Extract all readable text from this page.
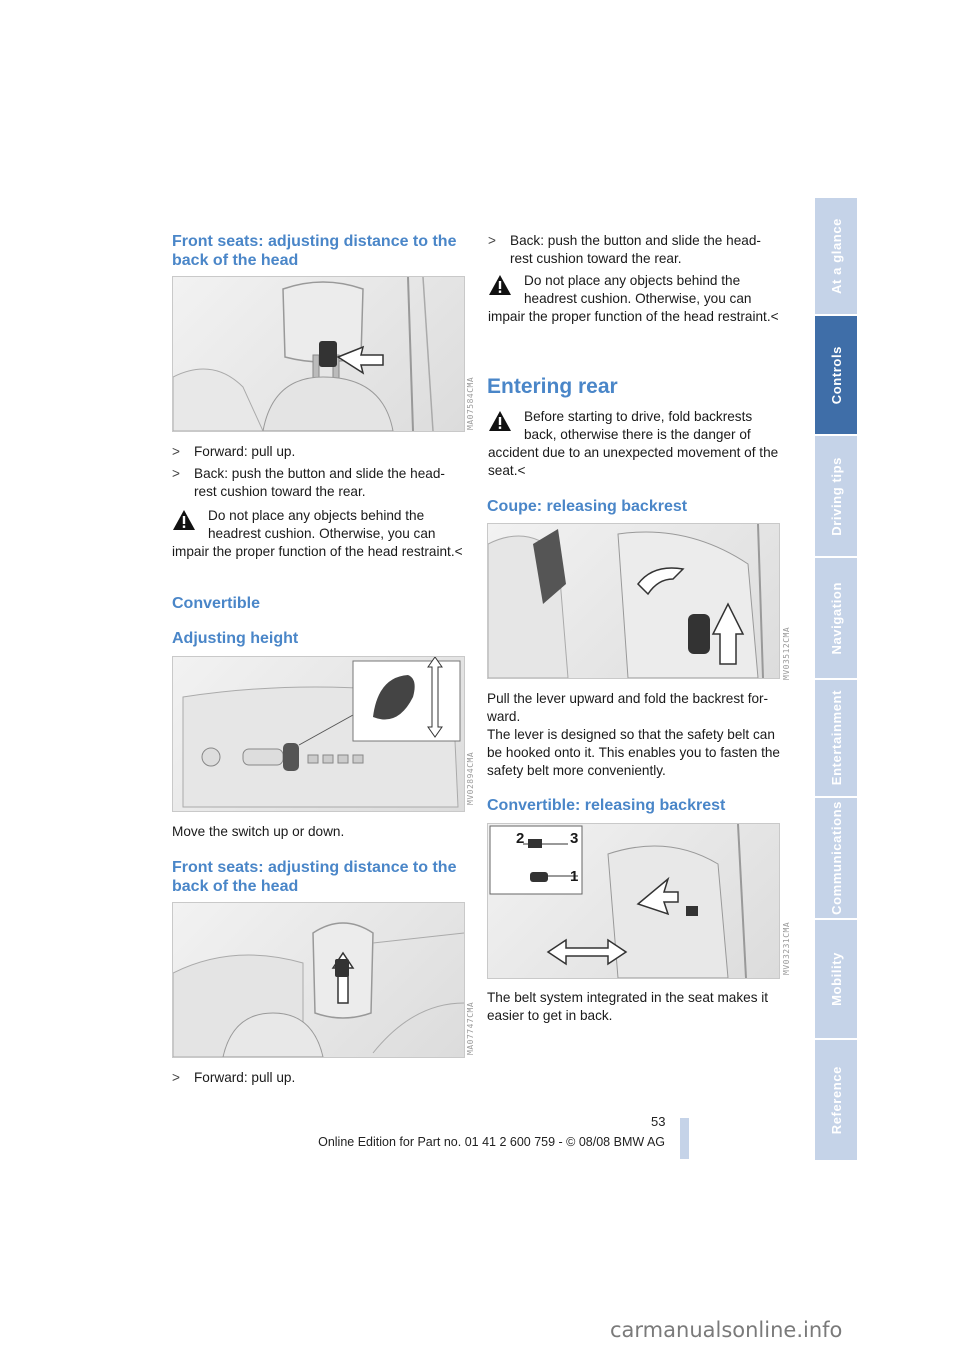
Front seats: adjusting distance to the back of the head
MA07584CMA
>	Forward: pull up.
>	Back: push the button and slide the head-rest cushion toward the rear.
Do not place any objects behind the headrest cushion. Otherwise, you can
impair the proper function of the head restraint.<
Convertible
Adjusting height
MV02894CMA

Move the switch up or down.

Front seats: adjusting distance to the back of the head
MA07747CMA
>	Forward: pull up.
>	Back: push the button and slide the head-rest cushion toward the rear.
Do not place any objects behind the headrest cushion. Otherwise, you can
impair the proper function of the head restraint.<
Entering rear
Before starting to drive, fold backrests back, otherwise there is the danger of
accident due to an unexpected movement of the seat.<
Coupe: releasing backrest
MV03512CMA

Pull the lever upward and fold the backrest for-ward.

The lever is designed so that the safety belt can be hooked onto it. This enables you to fasten the safety belt more conveniently.

Convertible: releasing backrest
2	3
1
MV03231CMA

The belt system integrated in the seat makes it easier to get in back.

At a glance
Controls
Driving tips
Navigation
Entertainment
Communications
Mobility
Reference
53
Online Edition for Part no. 01 41 2 600 759 - © 08/08 BMW AG
carmanualsonline.info
